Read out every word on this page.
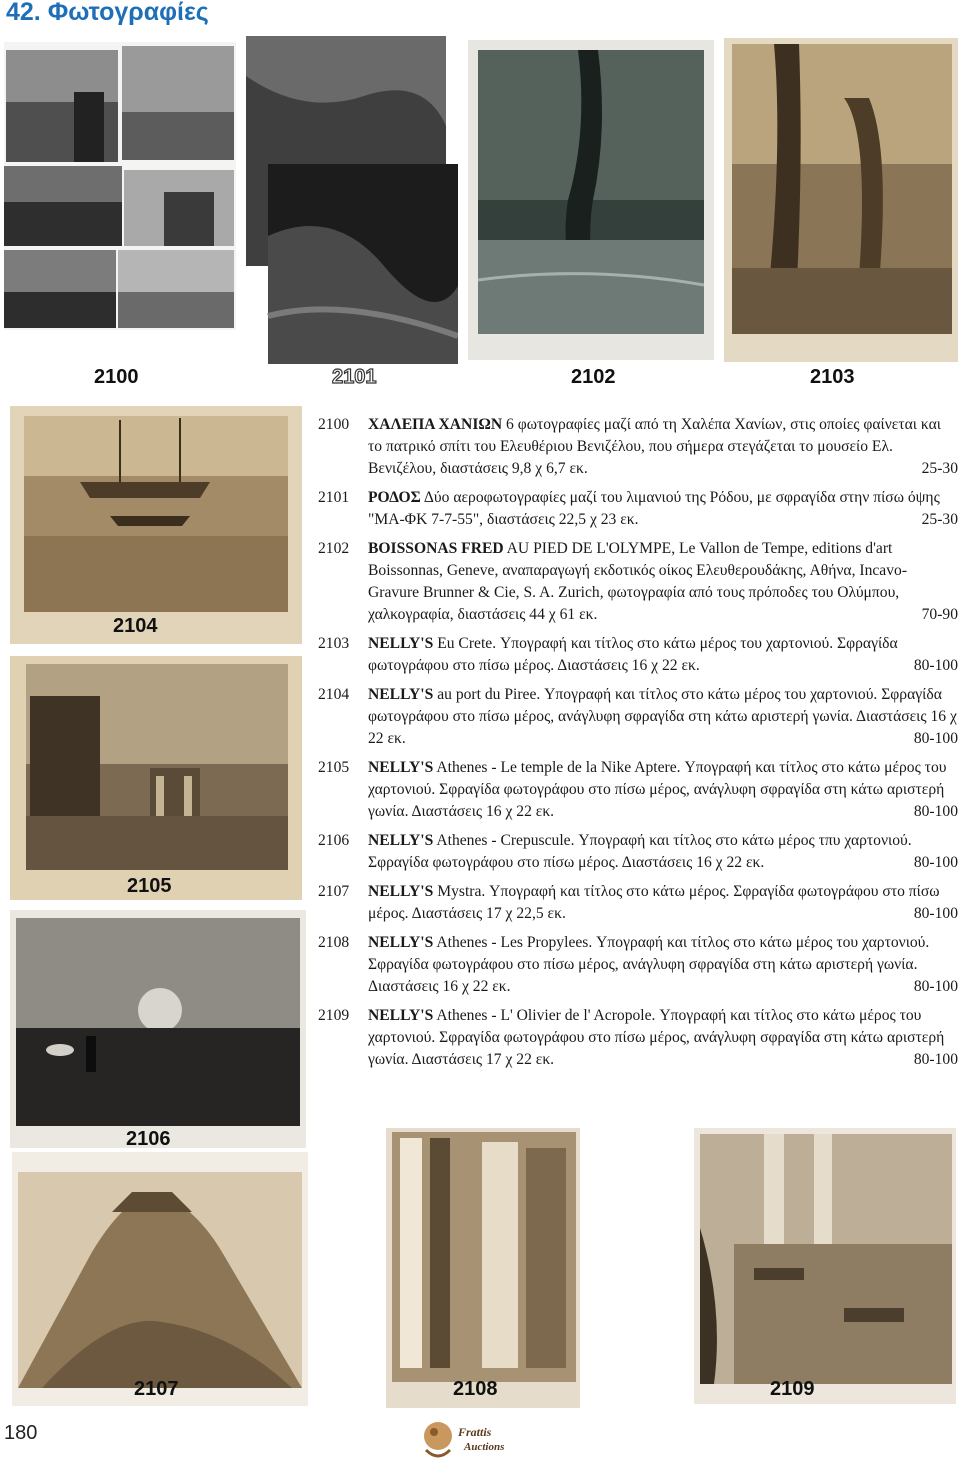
42. Φωτογραφίες
2100	2101	2102	2103
2104
2105
2106
2107	2108	2109
2100	ΧΑΛΕΠΑ ΧΑΝΙΩΝ 6 φωτογραφίες μαζί από τη Χαλέπα Χανίων, στις οποίες φαίνεται και το πατρικό σπίτι του Ελευθέριου Βενιζέλου, που σήμερα στεγάζεται το μουσείο Ελ. Βενιζέλου, διαστάσεις 9,8 χ 6,7 εκ.	25-30
2101	ΡΟΔΟΣ Δύο αεροφωτογραφίες μαζί του λιμανιού της Ρόδου, με σφραγίδα στην πίσω όψης "ΜΑ-ΦΚ 7-7-55", διαστάσεις 22,5 χ 23 εκ.	25-30
2102	BOISSONAS FRED AU PIED DE L'OLYMPE, Le Vallon de Tempe, editions d'art Boissonnas, Geneve, αναπαραγωγή εκδοτικός οίκος Ελευθερουδάκης, Αθήνα, Incavo-Gravure Brunner & Cie, S. A. Zurich, φωτογραφία από τους πρόποδες του Ολύμπου, χαλκογραφία, διαστάσεις 44 χ 61 εκ.	70-90
2103	NELLY'S Eu Crete. Υπογραφή και τίτλος στο κάτω μέρος του χαρτονιού. Σφραγίδα φωτογράφου στο πίσω μέρος. Διαστάσεις 16 χ 22 εκ.	80-100
2104	NELLY'S au port du Piree. Υπογραφή και τίτλος στο κάτω μέρος του χαρτονιού. Σφραγίδα φωτογράφου στο πίσω μέρος, ανάγλυφη σφραγίδα στη κάτω αριστερή γωνία. Διαστάσεις 16 χ 22 εκ.	80-100
2105	NELLY'S Athenes - Le temple de la Nike Aptere. Υπογραφή και τίτλος στο κάτω μέρος του χαρτονιού. Σφραγίδα φωτογράφου στο πίσω μέρος, ανάγλυφη σφραγίδα στη κάτω αριστερή γωνία. Διαστάσεις 16 χ 22 εκ.	80-100
2106	NELLY'S Athenes - Crepuscule. Υπογραφή και τίτλος στο κάτω μέρος τπυ χαρτονιού. Σφραγίδα φωτογράφου στο πίσω μέρος. Διαστάσεις 16 χ 22 εκ.	80-100
2107	NELLY'S Mystra. Υπογραφή και τίτλος στο κάτω μέρος. Σφραγίδα φωτογράφου στο πίσω μέρος. Διαστάσεις 17 χ 22,5 εκ.	80-100
2108	NELLY'S Athenes - Les Propylees. Υπογραφή και τίτλος στο κάτω μέρος του χαρτονιού. Σφραγίδα φωτογράφου στο πίσω μέρος, ανάγλυφη σφραγίδα στη κάτω αριστερή γωνία. Διαστάσεις 16 χ 22 εκ.	80-100
2109	NELLY'S Athenes - L' Olivier de l' Acropole. Υπογραφή και τίτλος στο κάτω μέρος του χαρτονιού. Σφραγίδα φωτογράφου στο πίσω μέρος, ανάγλυφη σφραγίδα στη κάτω αριστερή γωνία. Διαστάσεις 17 χ 22 εκ.	80-100
180	Frattis
Auctions
